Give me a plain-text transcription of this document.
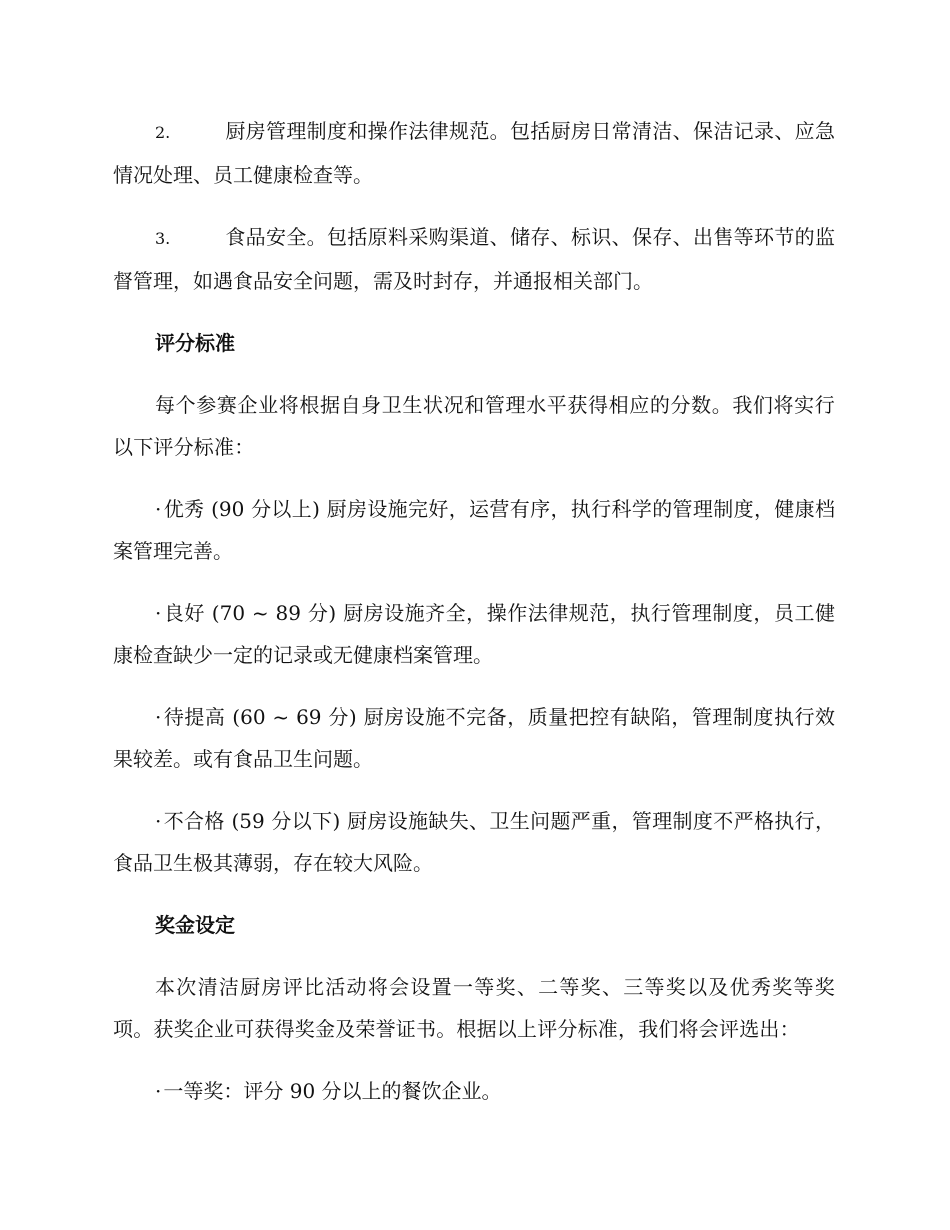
2.	厨房管理制度和操作法律规范。包括厨房日常清洁、保洁记录、应急情况处理、员工健康检查等。

3.	食品安全。包括原料采购渠道、储存、标识、保存、出售等环节的监督管理，如遇食品安全问题，需及时封存，并通报相关部门。

评分标准

每个参赛企业将根据自身卫生状况和管理水平获得相应的分数。我们将实行以下评分标准：

· 优秀 (90 分以上) 厨房设施完好，运营有序，执行科学的管理制度，健康档案管理完善。

· 良好 (70 ~ 89 分) 厨房设施齐全，操作法律规范，执行管理制度，员工健康检查缺少一定的记录或无健康档案管理。

· 待提高 (60 ~ 69 分) 厨房设施不完备，质量把控有缺陷，管理制度执行效果较差。或有食品卫生问题。

· 不合格 (59 分以下) 厨房设施缺失、卫生问题严重，管理制度不严格执行，食品卫生极其薄弱，存在较大风险。

奖金设定

本次清洁厨房评比活动将会设置一等奖、二等奖、三等奖以及优秀奖等奖项。获奖企业可获得奖金及荣誉证书。根据以上评分标准，我们将会评选出：

· 一等奖：评分 90 分以上的餐饮企业。
